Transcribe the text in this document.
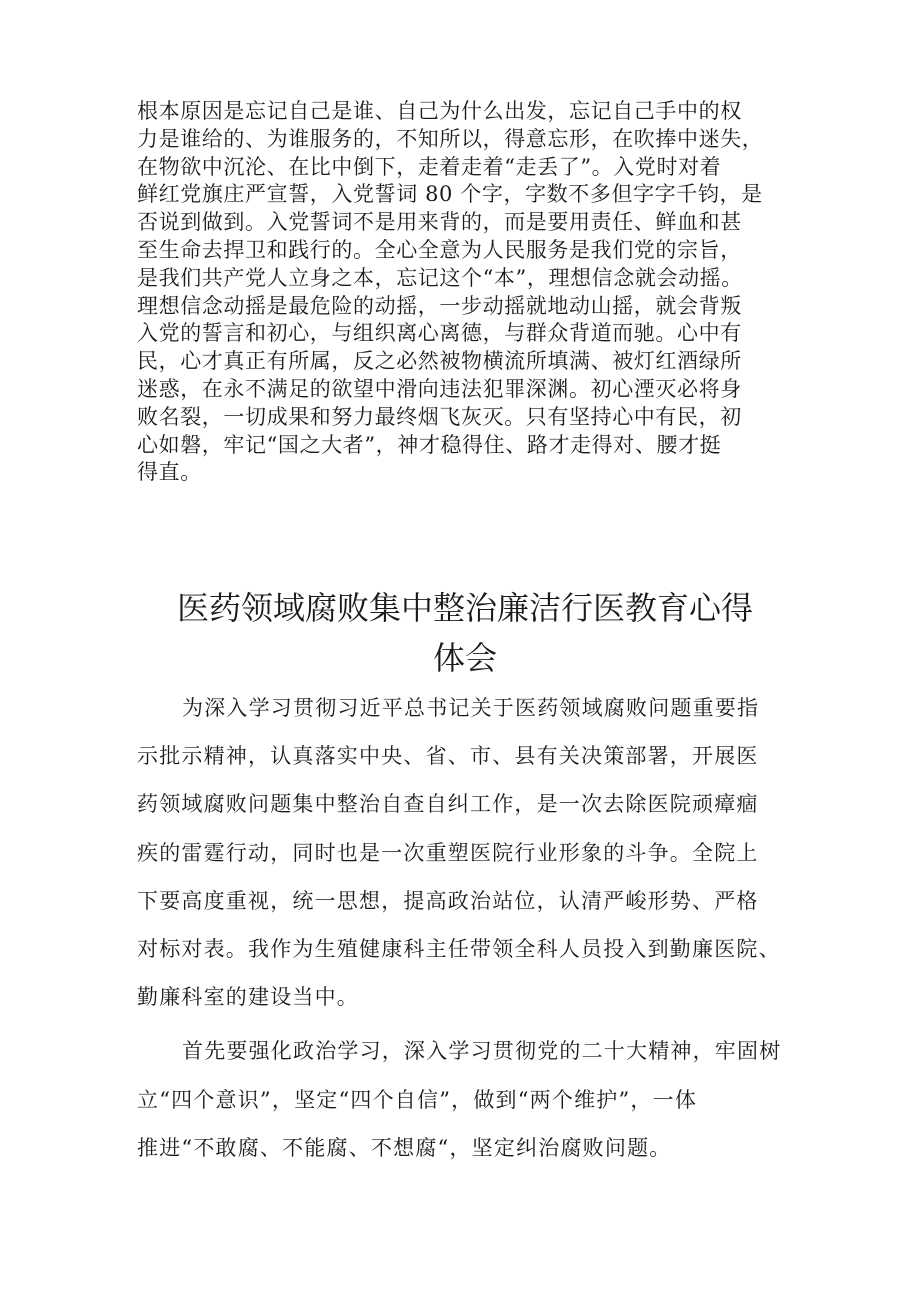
根本原因是忘记自己是谁、自己为什么出发，忘记自己手中的权
力是谁给的、为谁服务的，不知所以，得意忘形，在吹捧中迷失，
在物欲中沉沦、在比中倒下，走着走着“走丢了”。入党时对着
鲜红党旗庄严宣誓，入党誓词 80 个字，字数不多但字字千钧，是
否说到做到。入党誓词不是用来背的，而是要用责任、鲜血和甚
至生命去捍卫和践行的。全心全意为人民服务是我们党的宗旨，
是我们共产党人立身之本，忘记这个“本”，理想信念就会动摇。
理想信念动摇是最危险的动摇，一步动摇就地动山摇，就会背叛
入党的誓言和初心，与组织离心离德，与群众背道而驰。心中有
民，心才真正有所属，反之必然被物横流所填满、被灯红酒绿所
迷惑，在永不满足的欲望中滑向违法犯罪深渊。初心湮灭必将身
败名裂，一切成果和努力最终烟飞灰灭。只有坚持心中有民，初
心如磐，牢记“国之大者”，神才稳得住、路才走得对、腰才挺
得直。
医药领域腐败集中整治廉洁行医教育心得
体会
为深入学习贯彻习近平总书记关于医药领域腐败问题重要指
示批示精神，认真落实中央、省、市、县有关决策部署，开展医
药领域腐败问题集中整治自查自纠工作，是一次去除医院顽瘴痼
疾的雷霆行动，同时也是一次重塑医院行业形象的斗争。全院上
下要高度重视，统一思想，提高政治站位，认清严峻形势、严格
对标对表。我作为生殖健康科主任带领全科人员投入到勤廉医院、
勤廉科室的建设当中。
首先要强化政治学习，深入学习贯彻党的二十大精神，牢固树
立“四个意识”，坚定“四个自信”，做到“两个维护”，一体
推进“不敢腐、不能腐、不想腐“，坚定纠治腐败问题。
